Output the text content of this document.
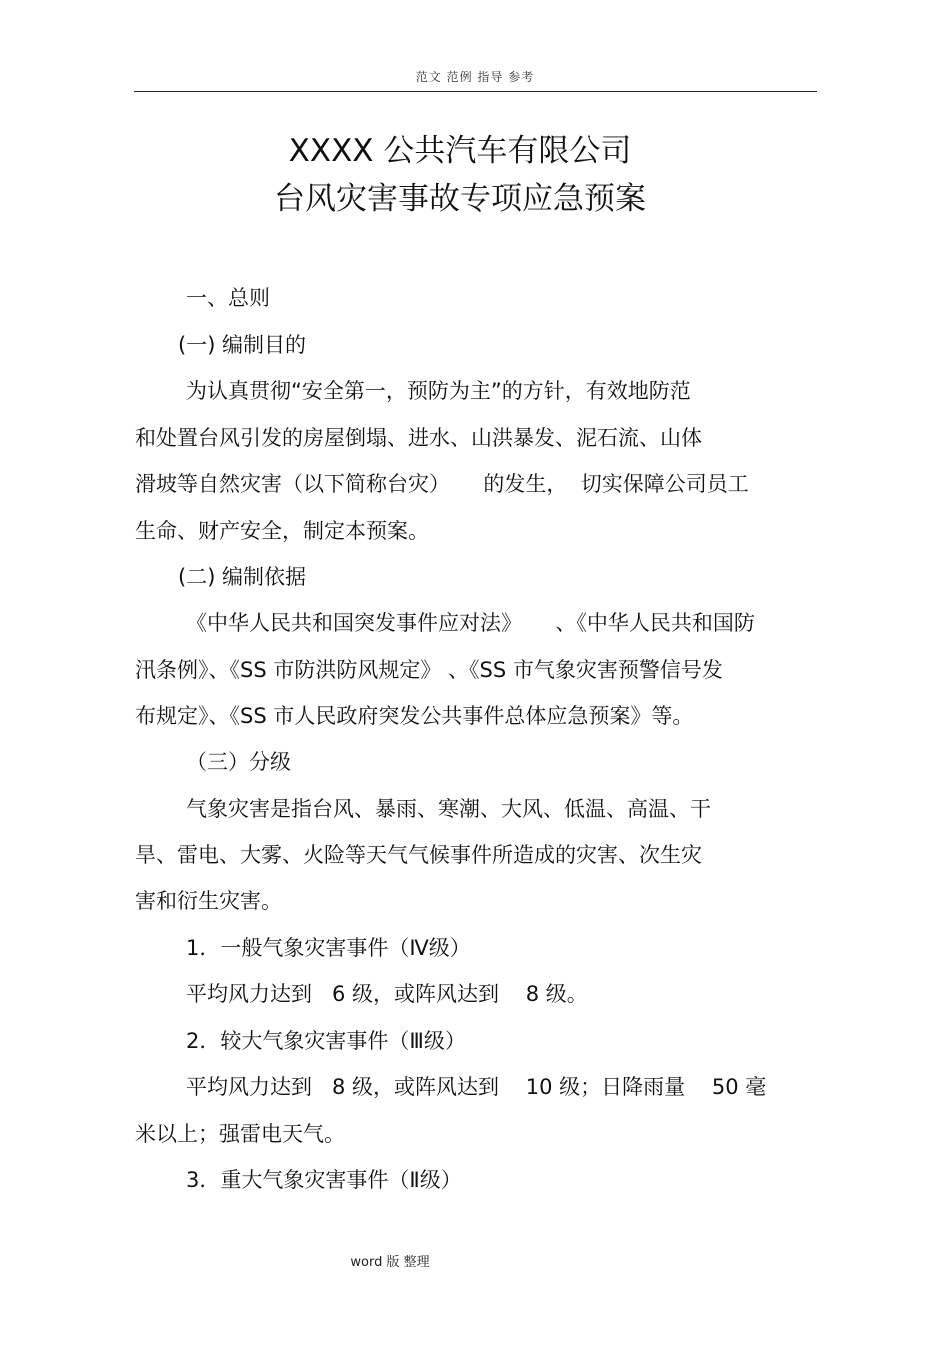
范文 范例 指导 参考
XXXX 公共汽车有限公司
台风灾害事故专项应急预案
一、总则
(一) 编制目的
为认真贯彻“安全第一，预防为主”的方针，有效地防范
和处置台风引发的房屋倒塌、进水、山洪暴发、泥石流、山体
滑坡等自然灾害（以下简称台灾）     的发生，  切实保障公司员工
生命、财产安全，制定本预案。
(二) 编制依据
《中华人民共和国突发事件应对法》     、《中华人民共和国防
汛条例》、《SS 市防洪防风规定》 、《SS 市气象灾害预警信号发
布规定》、《SS 市人民政府突发公共事件总体应急预案》等。
（三）分级
气象灾害是指台风、暴雨、寒潮、大风、低温、高温、干
旱、雷电、大雾、火险等天气气候事件所造成的灾害、次生灾
害和衍生灾害。
1．一般气象灾害事件（Ⅳ级）
平均风力达到   6 级，或阵风达到    8 级。
2．较大气象灾害事件（Ⅲ级）
平均风力达到   8 级，或阵风达到    10 级；日降雨量    50 毫
米以上；强雷电天气。
3．重大气象灾害事件（Ⅱ级）
word 版 整理
